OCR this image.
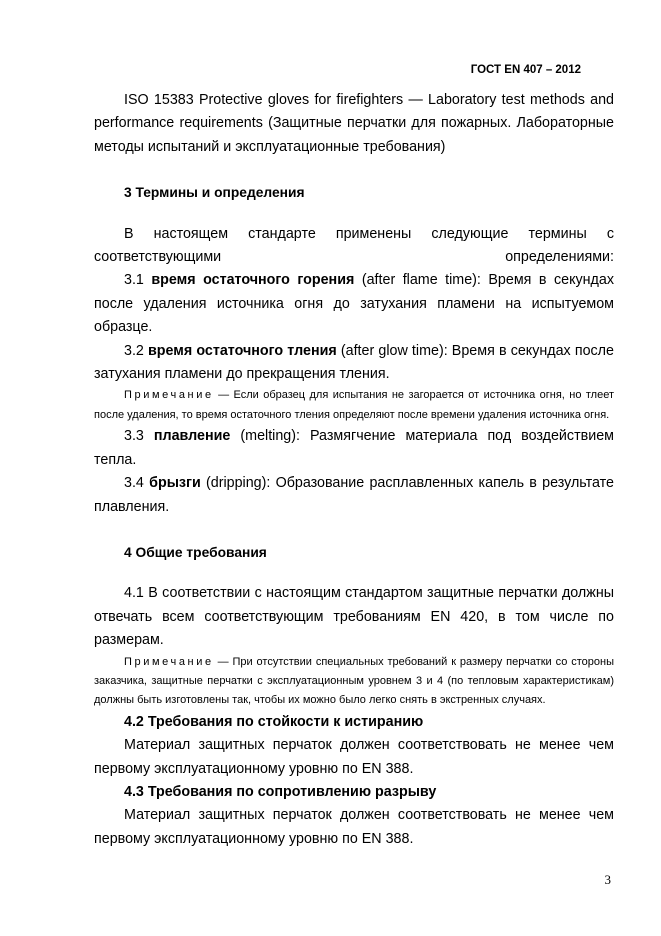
ГОСТ EN 407 – 2012

ISO 15383 Protective gloves for firefighters — Laboratory test methods and performance requirements (Защитные перчатки для пожарных. Лабораторные методы испытаний и эксплуатационные требования)

3 Термины и определения

В настоящем стандарте применены следующие термины с соответствующими определениями:

3.1 время остаточного горения (after flame time): Время в секундах после удаления источника огня до затухания пламени на испытуемом образце.

3.2 время остаточного тления (after glow time): Время в секундах после затухания пламени до прекращения тления.

Примечание — Если образец для испытания не загорается от источника огня, но тлеет после удаления, то время остаточного тления определяют после времени удаления источника огня.

3.3 плавление (melting): Размягчение материала под воздействием тепла.

3.4 брызги (dripping): Образование расплавленных капель в результате плавления.

4 Общие требования

4.1 В соответствии с настоящим стандартом защитные перчатки должны отвечать всем соответствующим требованиям EN 420, в том числе по размерам.

Примечание — При отсутствии специальных требований к размеру перчатки со стороны заказчика, защитные перчатки с эксплуатационным уровнем 3 и 4 (по тепловым характеристикам) должны быть изготовлены так, чтобы их можно было легко снять в экстренных случаях.

4.2 Требования по стойкости к истиранию

Материал защитных перчаток должен соответствовать не менее чем первому эксплуатационному уровню по EN 388.

4.3 Требования по сопротивлению разрыву

Материал защитных перчаток должен соответствовать не менее чем первому эксплуатационному уровню по EN 388.

3
